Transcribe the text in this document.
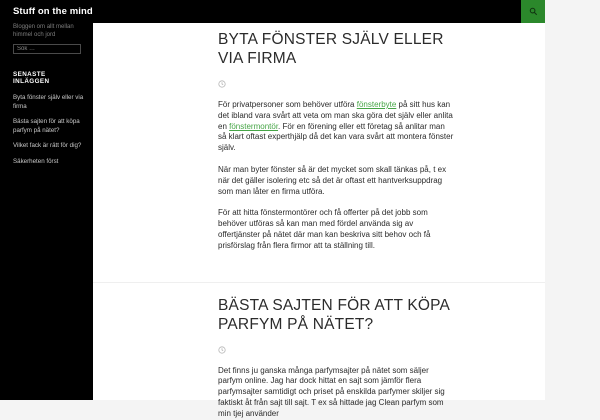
Bloggen om allt mellan himmel och jord

Sök …
SENASTE INLÄGGEN
Byta fönster själv eller via firma
Bästa sajten för att köpa parfym på nätet?
Vilket fack är rätt för dig?
Säkerheten först
BYTA FÖNSTER SJÄLV ELLER VIA FIRMA

För privatpersoner som behöver utföra fönsterbyte på sitt hus kan det ibland vara svårt att veta om man ska göra det själv eller anlita en fönstermontör. För en förening eller ett företag så anlitar man så klart oftast experthjälp då det kan vara svårt att montera fönster själv.

När man byter fönster så är det mycket som skall tänkas på, t ex när det gäller isolering etc så det är oftast ett hantverksuppdrag som man låter en firma utföra.

För att hitta fönstermontörer och få offerter på det jobb som behöver utföras så kan man med fördel använda sig av offertjänster på nätet där man kan beskriva sitt behov och få prisförslag från flera firmor att ta ställning till.

BÄSTA SAJTEN FÖR ATT KÖPA PARFYM PÅ NÄTET?

Det finns ju ganska många parfymsajter på nätet som säljer parfym online. Jag har dock hittat en sajt som jämför flera parfymsajter samtidigt och priset på enskilda parfymer skiljer sig faktiskt åt från sajt till sajt. T ex så hittade jag Clean parfym som min tjej använder

Stuff on the mind
